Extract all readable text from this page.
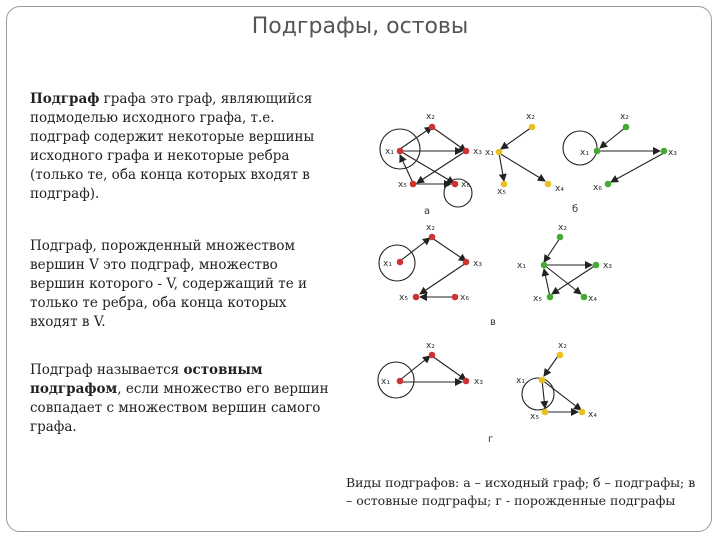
Подграфы, остовы
Подграф графа это граф, являющийся подмоделью исходного графа, т.е. подграф содержит некоторые вершины исходного графа и некоторые ребра (только те, оба конца которых входят в подграф).
Подграф, порожденный множеством вершин V это подграф, множество вершин которого - V, содержащий те и только те ребра, оба конца которых входят в V.
Подграф называется остовным подграфом, если множество его вершин совпадает с множеством вершин самого графа.
Виды подграфов: а – исходный граф; б – подграфы; в – остовные подграфы; г - порожденные подграфы
x₁
x₂
x₃
x₅	x₆
а
x₂
x₁
x₅	x₄
x₂
x₁	x₃
x₆
б
x₁
x₂
x₃
x₅	x₆
в
x₂
x₁	x₃
x₅	x₄
x₁
x₂
x₃
г
x₂
x₁
x₅	x₄
